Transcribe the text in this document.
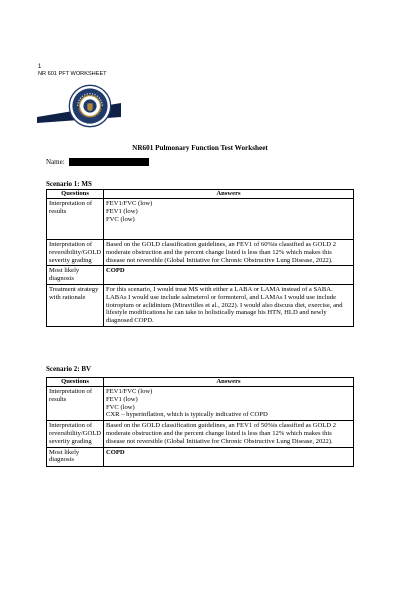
1
NR 601 PFT WORKSHEET
NR601 Pulmonary Function Test Worksheet
Name:
Scenario 1: MS
Questions	Answers
Interpretation of results	FEV1/FVC (low)
FEV1 (low)
FVC (low)

Interpretation of reversibility/GOLD severity grading	Based on the GOLD classification guidelines, an FEV1 of 60%is classified as GOLD 2 moderate obstruction and the percent change listed is less than 12% which makes this disease not reversible (Global Initiative for Chronic Obstructive Lung Disease, 2022).
Most likely diagnosis	COPD
Treatment strategy with rationale	For this scenario, I would treat MS with either a LABA or LAMA instead of a SABA. LABAs I would use include salmeterol or formoterol, and LAMAs I would use include tiotropium or aclidinium (Miravitlles et al., 2022). I would also discuss diet, exercise, and lifestyle modifications he can take to holistically manage his HTN, HLD and newly diagnosed COPD.
Scenario 2: BV
Questions	Answers
Interpretation of results	FEV1/FVC (low)
FEV1 (low)
FVC (low)
CXR – hyperinflation, which is typically indicative of COPD

Interpretation of reversibility/GOLD severity grading	Based on the GOLD classification guidelines, an FEV1 of 50%is classified as GOLD 2 moderate obstruction and the percent change listed is less than 12% which makes this disease not reversible (Global Initiative for Chronic Obstructive Lung Disease, 2022).
Most likely diagnosis	COPD
